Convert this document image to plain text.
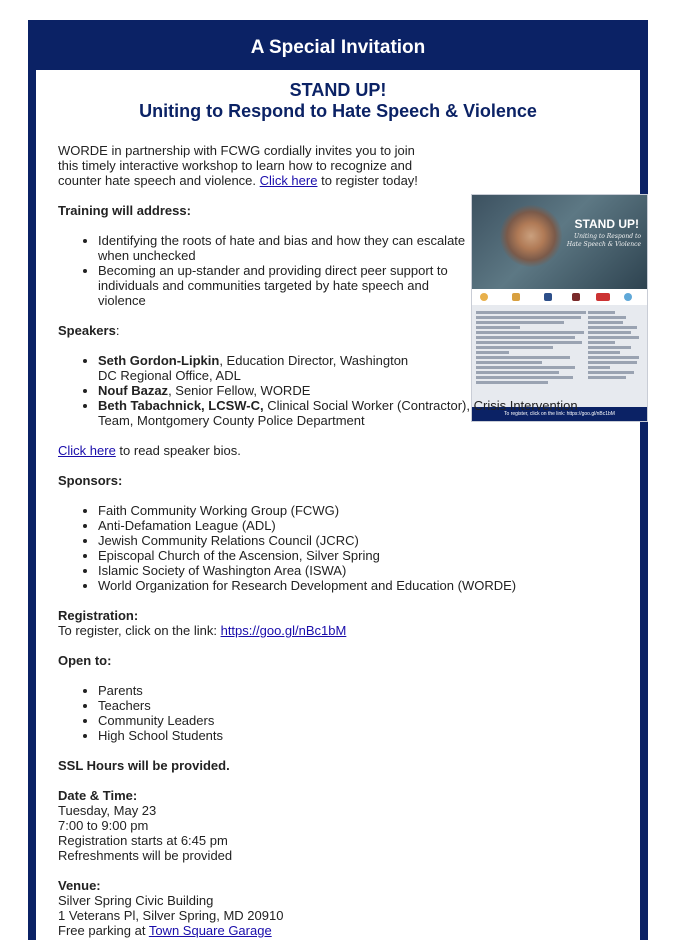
A Special Invitation
STAND UP!
Uniting to Respond to Hate Speech & Violence
STAND UP!
Uniting to Respond to
Hate Speech & Violence
To register, click on the link: https://goo.gl/nBc1bM

WORDE in partnership with FCWG cordially invites you to join this timely interactive workshop to learn how to recognize and counter hate speech and violence. Click here to register today!

Training will address:

• Identifying the roots of hate and bias and how they can escalate when unchecked
• Becoming an up-stander and providing direct peer support to individuals and communities targeted by hate speech and violence

Speakers:

• Seth Gordon-Lipkin, Education Director, Washington DC Regional Office, ADL
• Nouf Bazaz, Senior Fellow, WORDE
• Beth Tabachnick, LCSW-C, Clinical Social Worker (Contractor), Crisis Intervention Team, Montgomery County Police Department

Click here to read speaker bios.

Sponsors:

• Faith Community Working Group (FCWG)
• Anti-Defamation League (ADL)
• Jewish Community Relations Council (JCRC)
• Episcopal Church of the Ascension, Silver Spring
• Islamic Society of Washington Area (ISWA)
• World Organization for Research Development and Education (WORDE)

Registration:

To register, click on the link: https://goo.gl/nBc1bM

Open to:

• Parents
• Teachers
• Community Leaders
• High School Students

SSL Hours will be provided.

Date & Time:

Tuesday, May 23

7:00 to 9:00 pm

Registration starts at 6:45 pm

Refreshments will be provided

Venue:

Silver Spring Civic Building

1 Veterans Pl, Silver Spring, MD 20910

Free parking at Town Square Garage
